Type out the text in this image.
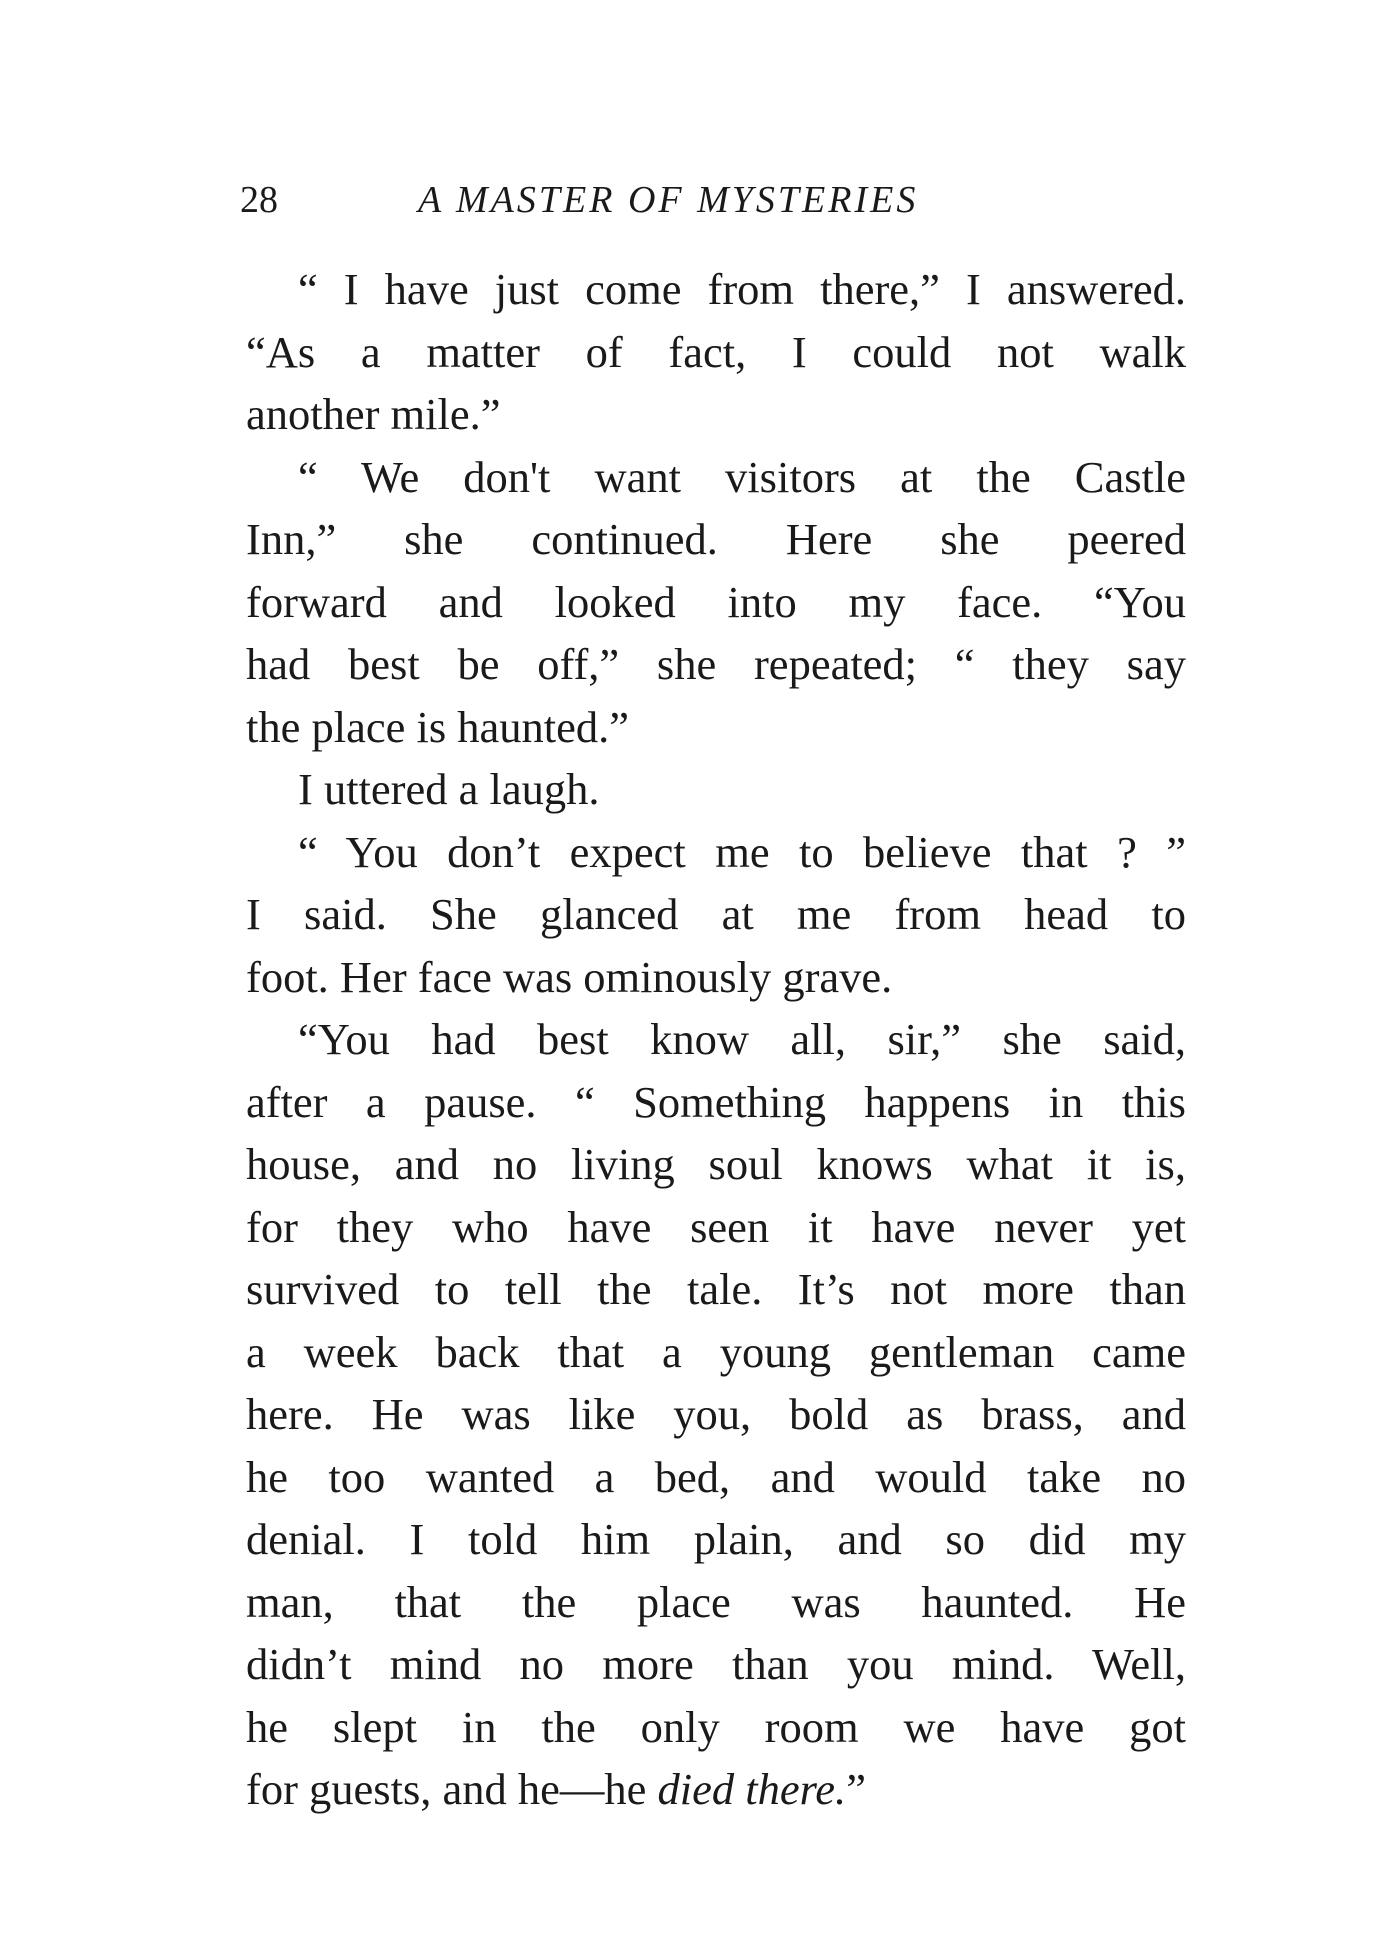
28	A MASTER OF MYSTERIES
“ I have just come from there,” I answered.
“As a matter of fact, I could not walk
another mile.”
“ We don't want visitors at the Castle
Inn,” she continued. Here she peered
forward and looked into my face. “You
had best be off,” she repeated; “ they say
the place is haunted.”
I uttered a laugh.
“ You don’t expect me to believe that ? ”
I said. She glanced at me from head to
foot. Her face was ominously grave.
“You had best know all, sir,” she said,
after a pause. “ Something happens in this
house, and no living soul knows what it is,
for they who have seen it have never yet
survived to tell the tale. It’s not more than
a week back that a young gentleman came
here. He was like you, bold as brass, and
he too wanted a bed, and would take no
denial. I told him plain, and so did my
man, that the place was haunted. He
didn’t mind no more than you mind. Well,
he slept in the only room we have got
for guests, and he—he died there.”
